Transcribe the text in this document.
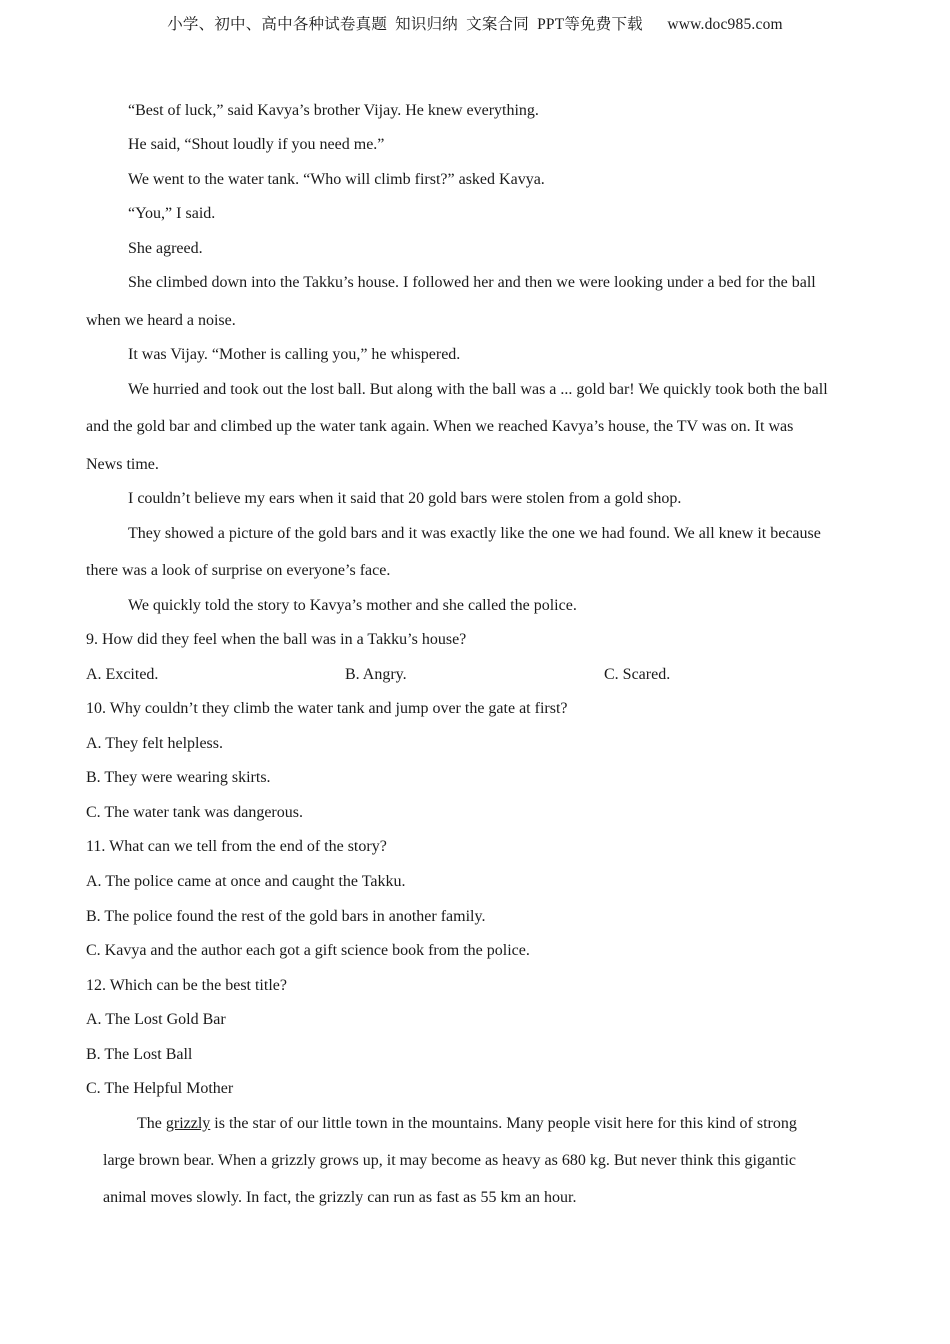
小学、初中、高中各种试卷真题  知识归纳  文案合同  PPT等免费下载      www.doc985.com
“Best of luck,” said Kavya’s brother Vijay. He knew everything.
He said, “Shout loudly if you need me.”
We went to the water tank. “Who will climb first?” asked Kavya.
“You,” I said.
She agreed.
She climbed down into the Takku’s house. I followed her and then we were looking under a bed for the ball
when we heard a noise.
It was Vijay. “Mother is calling you,” he whispered.
We hurried and took out the lost ball. But along with the ball was a ... gold bar! We quickly took both the ball
and the gold bar and climbed up the water tank again. When we reached Kavya’s house, the TV was on. It was
News time.
I couldn’t believe my ears when it said that 20 gold bars were stolen from a gold shop.
They showed a picture of the gold bars and it was exactly like the one we had found. We all knew it because
there was a look of surprise on everyone’s face.
We quickly told the story to Kavya’s mother and she called the police.
9. How did they feel when the ball was in a Takku’s house?
A. Excited.	B. Angry.	C. Scared.
10. Why couldn’t they climb the water tank and jump over the gate at first?
A. They felt helpless.
B. They were wearing skirts.
C. The water tank was dangerous.
11. What can we tell from the end of the story?
A. The police came at once and caught the Takku.
B. The police found the rest of the gold bars in another family.
C. Kavya and the author each got a gift science book from the police.
12. Which can be the best title?
A. The Lost Gold Bar
B. The Lost Ball
C. The Helpful Mother
The grizzly is the star of our little town in the mountains. Many people visit here for this kind of strong
large brown bear. When a grizzly grows up, it may become as heavy as 680 kg. But never think this gigantic
animal moves slowly. In fact, the grizzly can run as fast as 55 km an hour.
